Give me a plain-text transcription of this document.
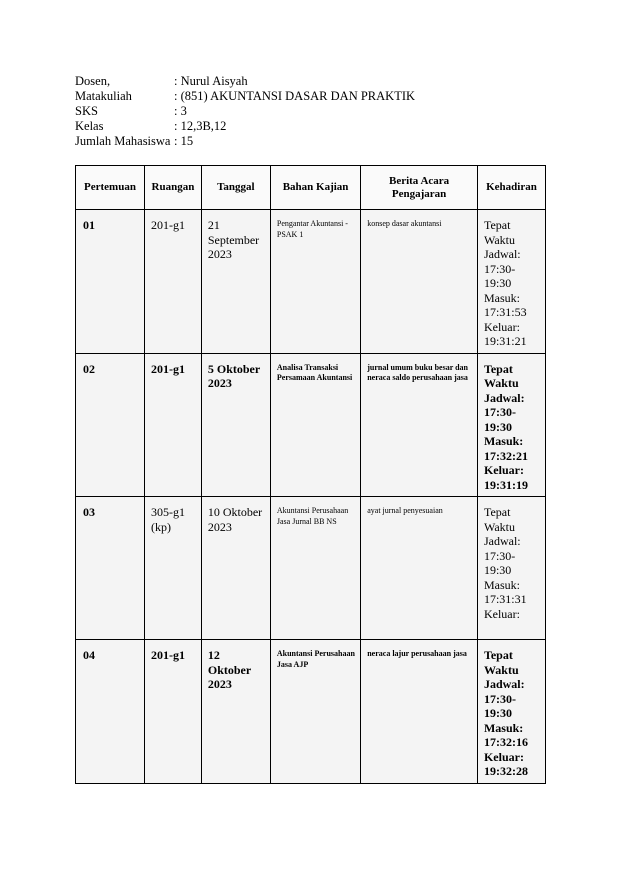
Dosen,	: Nurul Aisyah
Matakuliah	: (851) AKUNTANSI DASAR DAN PRAKTIK
SKS	: 3
Kelas	: 12,3B,12
Jumlah Mahasiswa : 15
Pertemuan	Ruangan	Tanggal	Bahan Kajian	Berita Acara Pengajaran	Kehadiran

01	201-g1	21 September 2023	Pengantar Akuntansi - PSAK 1	konsep dasar akuntansi	Tepat Waktu
Jadwal: 17:30-19:30
Masuk: 17:31:53
Keluar: 19:31:21

02	201-g1	5 Oktober 2023	Analisa Transaksi Persamaan Akuntansi	jurnal umum buku besar dan neraca saldo perusahaan jasa	Tepat Waktu
Jadwal: 17:30-19:30
Masuk: 17:32:21
Keluar: 19:31:19

03	305-g1 (kp)	10 Oktober 2023	Akuntansi Perusahaan Jasa Jurnal BB NS	ayat jurnal penyesuaian	Tepat Waktu
Jadwal: 17:30-19:30
Masuk: 17:31:31
Keluar:

04	201-g1	12 Oktober 2023	Akuntansi Perusahaan Jasa AJP	neraca lajur perusahaan jasa	Tepat Waktu
Jadwal: 17:30-19:30
Masuk: 17:32:16
Keluar: 19:32:28
